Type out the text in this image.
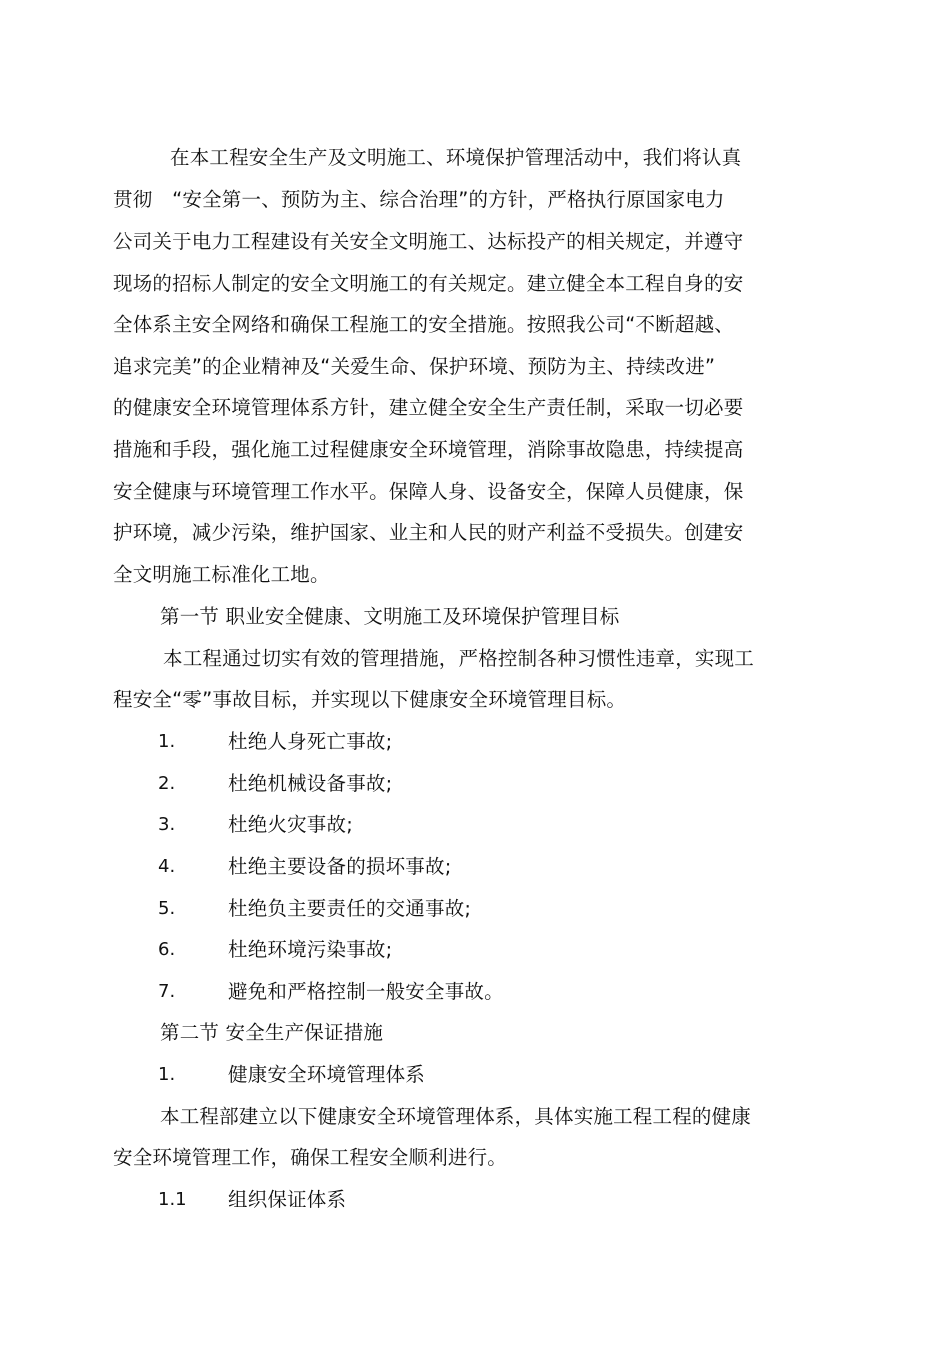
在本工程安全生产及文明施工、环境保护管理活动中，我们将认真
贯彻　“安全第一、预防为主、综合治理”的方针，严格执行原国家电力
公司关于电力工程建设有关安全文明施工、达标投产的相关规定，并遵守
现场的招标人制定的安全文明施工的有关规定。建立健全本工程自身的安
全体系主安全网络和确保工程施工的安全措施。按照我公司“不断超越、
追求完美”的企业精神及“关爱生命、保护环境、预防为主、持续改进”
的健康安全环境管理体系方针，建立健全安全生产责任制，采取一切必要
措施和手段，强化施工过程健康安全环境管理，消除事故隐患，持续提高
安全健康与环境管理工作水平。保障人身、设备安全，保障人员健康，保
护环境，减少污染，维护国家、业主和人民的财产利益不受损失。创建安
全文明施工标准化工地。
第一节 职业安全健康、文明施工及环境保护管理目标
本工程通过切实有效的管理措施，严格控制各种习惯性违章，实现工
程安全“零”事故目标，并实现以下健康安全环境管理目标。
1.	杜绝人身死亡事故;
2.	杜绝机械设备事故;
3.	杜绝火灾事故;
4.	杜绝主要设备的损坏事故;
5.	杜绝负主要责任的交通事故;
6.	杜绝环境污染事故;
7.	避免和严格控制一般安全事故。
第二节 安全生产保证措施
1.	健康安全环境管理体系
本工程部建立以下健康安全环境管理体系，具体实施工程工程的健康
安全环境管理工作，确保工程安全顺利进行。
1.1 组织保证体系
